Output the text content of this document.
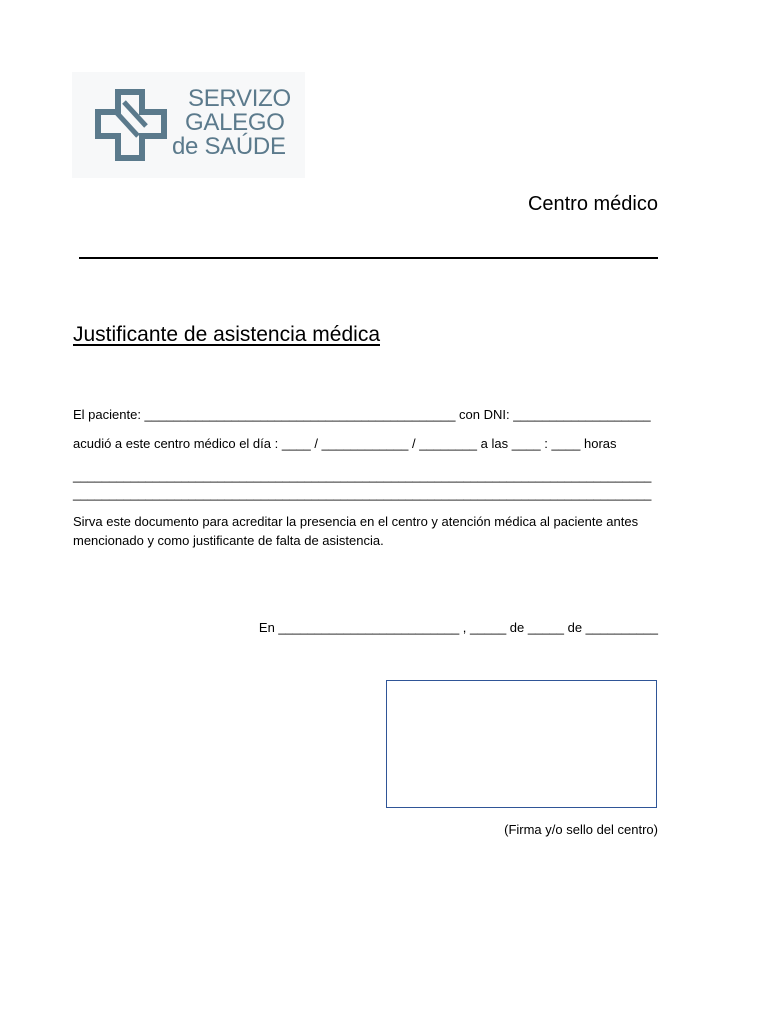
SERVIZO
GALEGO
de SAÚDE
Centro médico
Justificante de asistencia médica
El paciente: ___________________________________________ con DNI: ___________________
acudió a este centro médico el día : ____ / ____________ / ________ a las ____ : ____ horas
________________________________________________________________________________
________________________________________________________________________________
Sirva este documento para acreditar la presencia en el centro y atención médica al paciente antes mencionado y como justificante de falta de asistencia.
En _________________________ , _____ de _____ de __________
(Firma y/o sello del centro)
